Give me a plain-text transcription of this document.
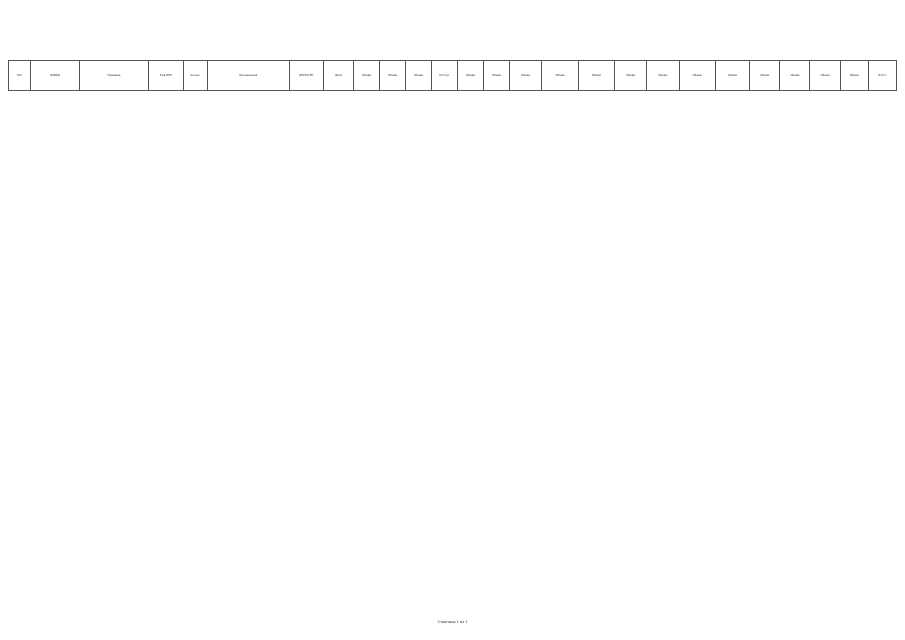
Тип	ОКВЭД	Название	Код ИНН	Кол-во	Организация	ИНН/ОГРН	Дата	Объём	Объём	Объём	Поступ.	Объём	Объём	Объём	Объём	Объём	Объём	Объём	Объём	Объём	Объём	Объём	Объём	Объём	Итого
Страница 1 из 1
